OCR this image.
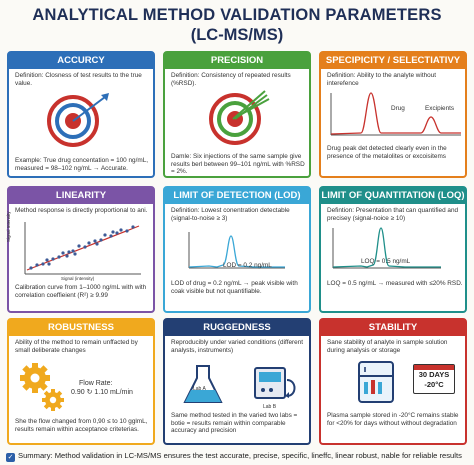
ANALYTICAL METHOD VALIDATION PARAMETERS
(LC-MS/MS)
ACCURCY
Definition: Closness of test results to the true value.
Example: True drug concentation = 100 ng/mL, measured = 98–102 ng/mL → Accurate.
PRECISION
Definition: Consistency of repeated results (%RSD).
Damle: Six injections of the same sample give results berl between 99–101 ng/mL with %RSD = 2%.
SPECIPICITY / SELECTIATIVY
Definition: Ability to the analyte without interefence
Drug	Excipients
Drug peak det detected clearly even in the presence of the metalolites or excoisitems
LINEARITY
Method response is directly proportional to ani.
Signal Intensity
Signal (intensity)
Calibration curve from 1–1000 ng/mL with with correlation coeffieient (R²) ≥ 9.99
LIMIT OF DETECTION (LOD)
Definition: Lowest conentration detectable (signal-to-noise ≥ 3)
LOD = 0.2 ng/mL
LOD of drug = 0.2 ng/mL → peak visible with coak visible but not quantifiable.
LIMIT OF QUANTITATION (LOQ)
Defintion: Presentation that can quantified and precisey (signal-noice ≥ 10)
LOQ = 0.5 ng/mL
LOQ = 0.5 ng/mL → measured with ≤20% RSD.
ROBUSTNESS
Ability of the method to remain unffacted by small deliberate changes
Flow Rate:
0.90 ↻ 1.10 mL/min
She the flow changed from 0,90 ≤ to 10 gglmL, results remain within acceptance criteterias.
RUGGEDNESS
Reproducibly under varied conditions (different analysts, instruments)
Lab A
Lab B
Same method tested in the varied two labs = botie = results remain within comparable accuracy and precision
STABILITY
Sane stability of analyte in sample solution during analysis or storage
30 DAYS
-20°C
Plasma sample stored in -20°C remains stable for <20% for days without without degradation
✓ Summary: Method validation in LC-MS/MS ensures the test accurate, precise, specific, lineffc, linear robust, nable for reliable results
